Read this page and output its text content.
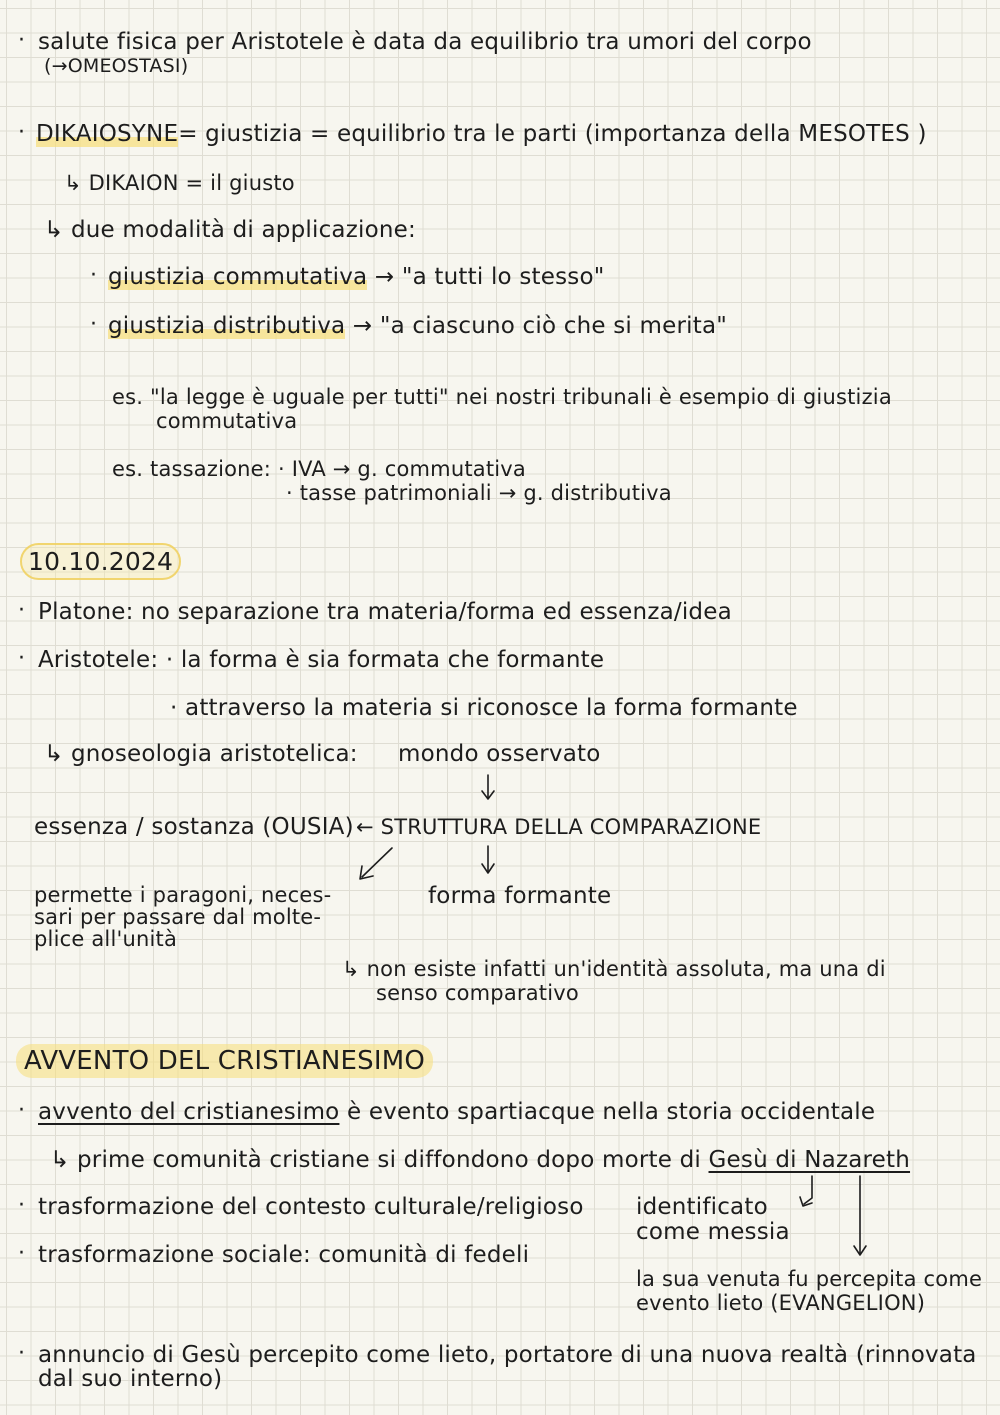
·
·
·
·
·
·
·
·
·
·
salute fisica per Aristotele è data da equilibrio tra umori del corpo
(→OMEOSTASI)
DIKAIOSYNE= giustizia = equilibrio tra le parti (importanza della MESOTES )
↳ DIKAION = il giusto
↳ due modalità di applicazione:
giustizia commutativa → "a tutti lo stesso"
giustizia distributiva → "a ciascuno ciò che si merita"
es. "la legge è uguale per tutti" nei nostri tribunali è esempio di giustizia
commutativa
es. tassazione: · IVA → g. commutativa
· tasse patrimoniali → g. distributiva
10.10.2024
Platone: no separazione tra materia/forma ed essenza/idea
Aristotele: · la forma è sia formata che formante
· attraverso la materia si riconosce la forma formante
↳ gnoseologia aristotelica: mondo osservato
essenza / sostanza (OUSIA) ← STRUTTURA DELLA COMPARAZIONE
permette i paragoni, neces-
sari per passare dal molte-
plice all'unità
forma formante
↳ non esiste infatti un'identità assoluta, ma una di
senso comparativo
AVVENTO DEL CRISTIANESIMO
avvento del cristianesimo è evento spartiacque nella storia occidentale
↳ prime comunità cristiane si diffondono dopo morte di Gesù di Nazareth
trasformazione del contesto culturale/religioso identificato
come messia
trasformazione sociale: comunità di fedeli
la sua venuta fu percepita come
evento lieto (EVANGELION)
annuncio di Gesù percepito come lieto, portatore di una nuova realtà (rinnovata
dal suo interno)
